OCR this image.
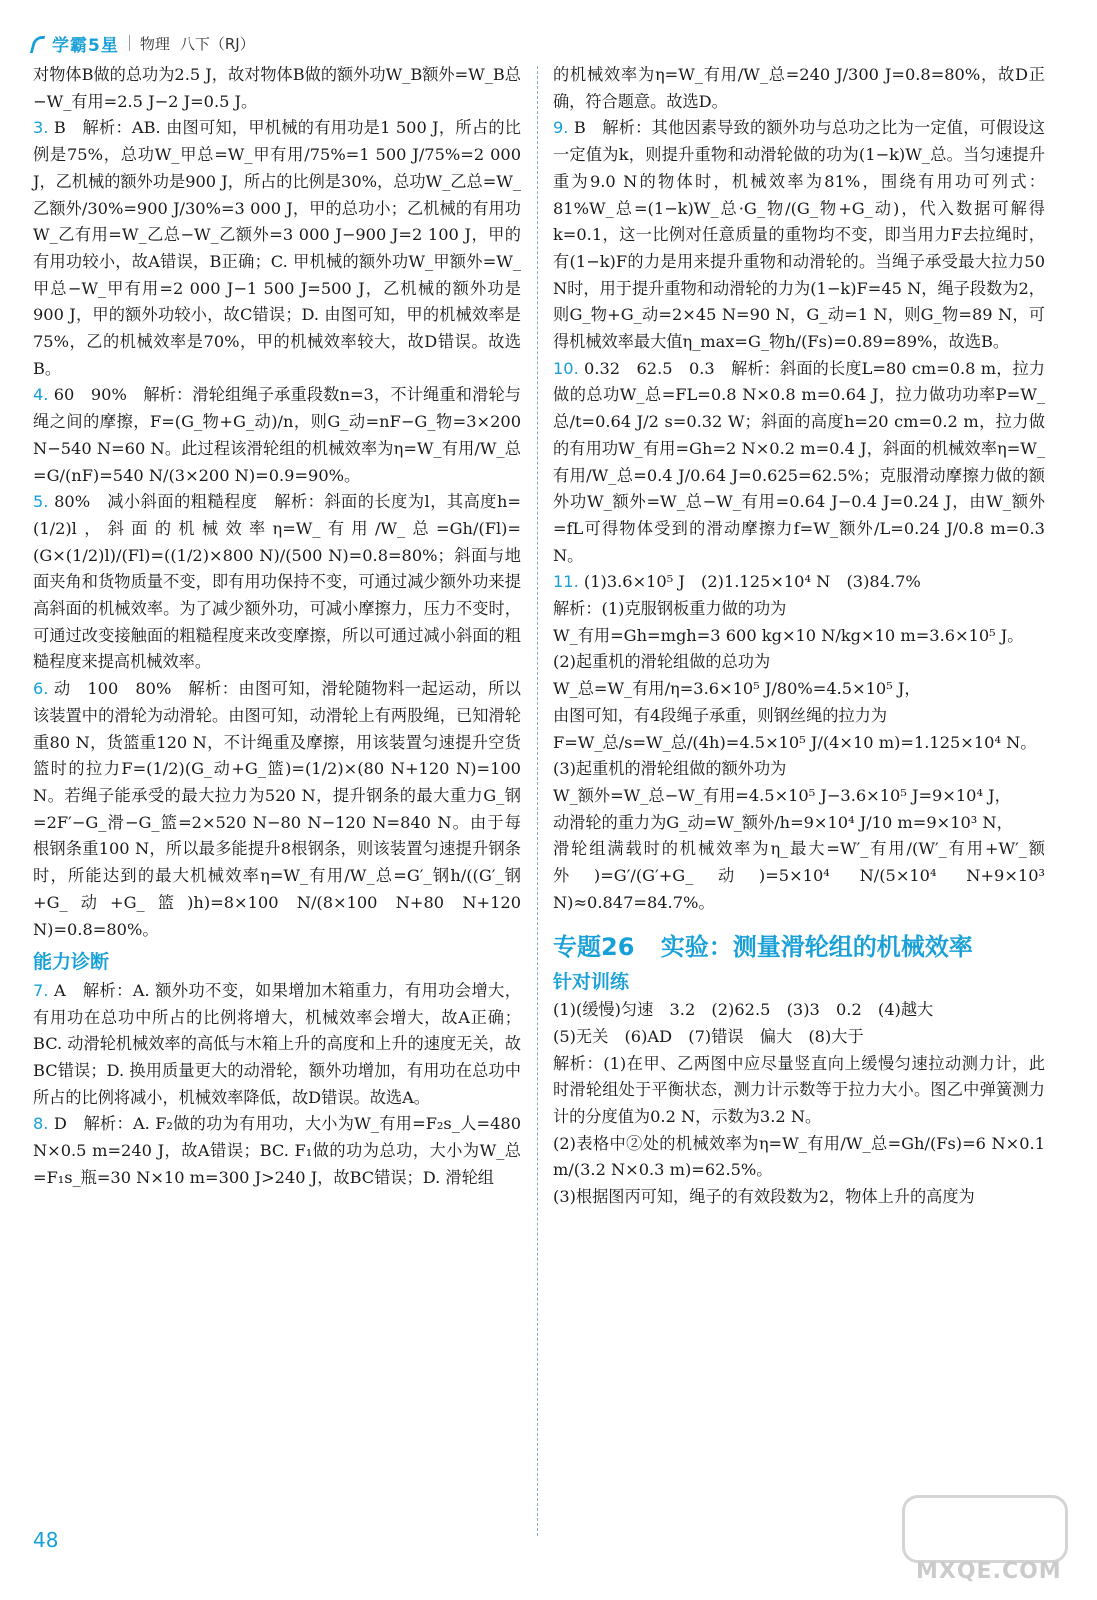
学霸5星 物理 八下（RJ）

对物体B做的总功为2.5 J，故对物体B做的额外功W_B额外=W_B总−W_有用=2.5 J−2 J=0.5 J。

3. B　解析：AB. 由图可知，甲机械的有用功是1 500 J，所占的比例是75%，总功W_甲总=W_甲有用/75%=1 500 J/75%=2 000 J，乙机械的额外功是900 J，所占的比例是30%，总功W_乙总=W_乙额外/30%=900 J/30%=3 000 J，甲的总功小；乙机械的有用功W_乙有用=W_乙总−W_乙额外=3 000 J−900 J=2 100 J，甲的有用功较小，故A错误，B正确；C. 甲机械的额外功W_甲额外=W_甲总−W_甲有用=2 000 J−1 500 J=500 J，乙机械的额外功是900 J，甲的额外功较小，故C错误；D. 由图可知，甲的机械效率是75%，乙的机械效率是70%，甲的机械效率较大，故D错误。故选B。

4. 60　90%　解析：滑轮组绳子承重段数n=3，不计绳重和滑轮与绳之间的摩擦，F=(G_物+G_动)/n，则G_动=nF−G_物=3×200 N−540 N=60 N。此过程该滑轮组的机械效率为η=W_有用/W_总=G/(nF)=540 N/(3×200 N)=0.9=90%。

5. 80%　减小斜面的粗糙程度　解析：斜面的长度为l，其高度h=(1/2)l，斜面的机械效率η=W_有用/W_总=Gh/(Fl)=(G×(1/2)l)/(Fl)=((1/2)×800 N)/(500 N)=0.8=80%；斜面与地面夹角和货物质量不变，即有用功保持不变，可通过减少额外功来提高斜面的机械效率。为了减少额外功，可减小摩擦力，压力不变时，可通过改变接触面的粗糙程度来改变摩擦，所以可通过减小斜面的粗糙程度来提高机械效率。

6. 动　100　80%　解析：由图可知，滑轮随物料一起运动，所以该装置中的滑轮为动滑轮。由图可知，动滑轮上有两股绳，已知滑轮重80 N，货篮重120 N，不计绳重及摩擦，用该装置匀速提升空货篮时的拉力F=(1/2)(G_动+G_篮)=(1/2)×(80 N+120 N)=100 N。若绳子能承受的最大拉力为520 N，提升钢条的最大重力G_钢=2F′−G_滑−G_篮=2×520 N−80 N−120 N=840 N。由于每根钢条重100 N，所以最多能提升8根钢条，则该装置匀速提升钢条时，所能达到的最大机械效率η=W_有用/W_总=G′_钢h/((G′_钢+G_动+G_篮)h)=8×100 N/(8×100 N+80 N+120 N)=0.8=80%。

能力诊断

7. A　解析：A. 额外功不变，如果增加木箱重力，有用功会增大，有用功在总功中所占的比例将增大，机械效率会增大，故A正确；BC. 动滑轮机械效率的高低与木箱上升的高度和上升的速度无关，故BC错误；D. 换用质量更大的动滑轮，额外功增加，有用功在总功中所占的比例将减小，机械效率降低，故D错误。故选A。

8. D　解析：A. F₂做的功为有用功，大小为W_有用=F₂s_人=480 N×0.5 m=240 J，故A错误；BC. F₁做的功为总功，大小为W_总=F₁s_瓶=30 N×10 m=300 J>240 J，故BC错误；D. 滑轮组

的机械效率为η=W_有用/W_总=240 J/300 J=0.8=80%，故D正确，符合题意。故选D。

9. B　解析：其他因素导致的额外功与总功之比为一定值，可假设这一定值为k，则提升重物和动滑轮做的功为(1−k)W_总。当匀速提升重为9.0 N的物体时，机械效率为81%，围绕有用功可列式：81%W_总=(1−k)W_总·G_物/(G_物+G_动)，代入数据可解得k=0.1，这一比例对任意质量的重物均不变，即当用力F去拉绳时，有(1−k)F的力是用来提升重物和动滑轮的。当绳子承受最大拉力50 N时，用于提升重物和动滑轮的力为(1−k)F=45 N，绳子段数为2，则G_物+G_动=2×45 N=90 N，G_动=1 N，则G_物=89 N，可得机械效率最大值η_max=G_物h/(Fs)=0.89=89%，故选B。

10. 0.32　62.5　0.3　解析：斜面的长度L=80 cm=0.8 m，拉力做的总功W_总=FL=0.8 N×0.8 m=0.64 J，拉力做功功率P=W_总/t=0.64 J/2 s=0.32 W；斜面的高度h=20 cm=0.2 m，拉力做的有用功W_有用=Gh=2 N×0.2 m=0.4 J，斜面的机械效率η=W_有用/W_总=0.4 J/0.64 J=0.625=62.5%；克服滑动摩擦力做的额外功W_额外=W_总−W_有用=0.64 J−0.4 J=0.24 J，由W_额外=fL可得物体受到的滑动摩擦力f=W_额外/L=0.24 J/0.8 m=0.3 N。

11. (1)3.6×10⁵ J　(2)1.125×10⁴ N　(3)84.7%

解析：(1)克服钢板重力做的功为

W_有用=Gh=mgh=3 600 kg×10 N/kg×10 m=3.6×10⁵ J。

(2)起重机的滑轮组做的总功为

W_总=W_有用/η=3.6×10⁵ J/80%=4.5×10⁵ J，

由图可知，有4段绳子承重，则钢丝绳的拉力为

F=W_总/s=W_总/(4h)=4.5×10⁵ J/(4×10 m)=1.125×10⁴ N。

(3)起重机的滑轮组做的额外功为

W_额外=W_总−W_有用=4.5×10⁵ J−3.6×10⁵ J=9×10⁴ J，

动滑轮的重力为G_动=W_额外/h=9×10⁴ J/10 m=9×10³ N，

滑轮组满载时的机械效率为η_最大=W′_有用/(W′_有用+W′_额外)=G′/(G′+G_动)=5×10⁴ N/(5×10⁴ N+9×10³ N)≈0.847=84.7%。

专题26 实验：测量滑轮组的机械效率
针对训练

(1)(缓慢)匀速　3.2　(2)62.5　(3)3　0.2　(4)越大

(5)无关　(6)AD　(7)错误　偏大　(8)大于

解析：(1)在甲、乙两图中应尽量竖直向上缓慢匀速拉动测力计，此时滑轮组处于平衡状态，测力计示数等于拉力大小。图乙中弹簧测力计的分度值为0.2 N，示数为3.2 N。

(2)表格中②处的机械效率为η=W_有用/W_总=Gh/(Fs)=6 N×0.1 m/(3.2 N×0.3 m)=62.5%。

(3)根据图丙可知，绳子的有效段数为2，物体上升的高度为

48
MXQE.COM
